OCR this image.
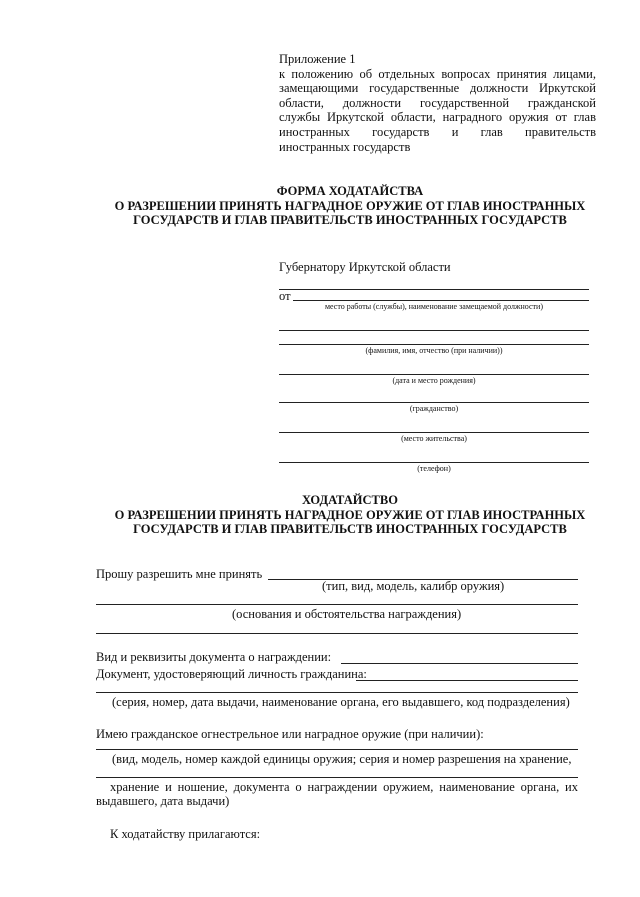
Приложение 1
к положению об отдельных вопросах принятия лицами,
замещающими государственные должности Иркутской
области, должности государственной гражданской
службы Иркутской области, наградного оружия от глав
иностранных государств и глав правительств
иностранных государств
ФОРМА ХОДАТАЙСТВА
О РАЗРЕШЕНИИ ПРИНЯТЬ НАГРАДНОЕ ОРУЖИЕ ОТ ГЛАВ ИНОСТРАННЫХ
ГОСУДАРСТВ И ГЛАВ ПРАВИТЕЛЬСТВ ИНОСТРАННЫХ ГОСУДАРСТВ
Губернатору Иркутской области
от
место работы (службы), наименование замещаемой должности)
(фамилия, имя, отчество (при наличии))
(дата и место рождения)
(гражданство)
(место жительства)
(телефон)
ХОДАТАЙСТВО
О РАЗРЕШЕНИИ ПРИНЯТЬ НАГРАДНОЕ ОРУЖИЕ ОТ ГЛАВ ИНОСТРАННЫХ
ГОСУДАРСТВ И ГЛАВ ПРАВИТЕЛЬСТВ ИНОСТРАННЫХ ГОСУДАРСТВ
Прошу разрешить мне принять
(тип, вид, модель, калибр оружия)
(основания и обстоятельства награждения)
Вид и реквизиты документа о награждении:
Документ, удостоверяющий личность гражданина:
(серия, номер, дата выдачи, наименование органа, его выдавшего, код подразделения)
Имею гражданское огнестрельное или наградное оружие (при наличии):
(вид, модель, номер каждой единицы оружия; серия и номер разрешения на хранение,
хранение и ношение, документа о награждении оружием, наименование органа, их выдавшего, дата выдачи)
К ходатайству прилагаются:
